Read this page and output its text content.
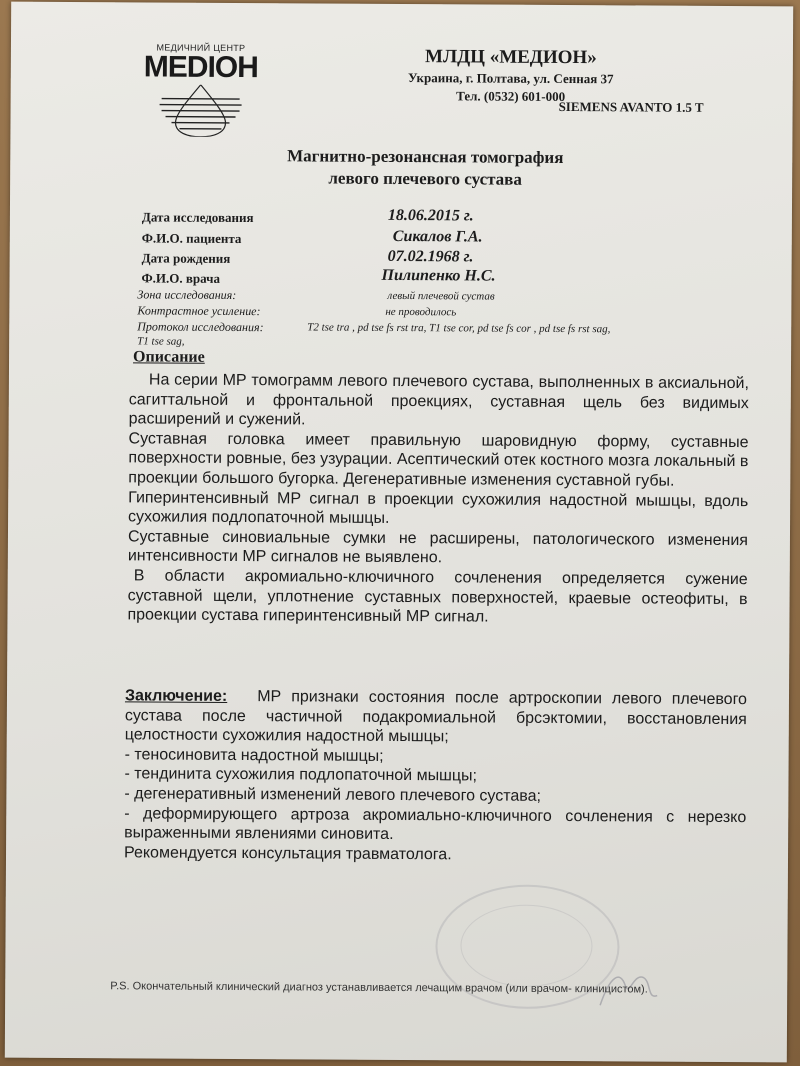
МЕДИЧНИЙ ЦЕНТР
MEDIOH	МЛДЦ «МЕДИОН»
Украина, г. Полтава, ул. Сенная 37
Тел. (0532) 601-000
SIEMENS AVANTO 1.5 T
Магнитно-резонансная томография
левого плечевого сустава
Дата исследования	18.06.2015 г.
Ф.И.О. пациента	Сикалов Г.А.
Дата рождения	07.02.1968 г.
Ф.И.О. врача	Пилипенко Н.С.
Зона исследования:	левый плечевой сустав
Контрастное усиление:	не проводилось
Протокол исследования:	T2 tse tra , pd tse fs rst tra, T1 tse cor, pd tse fs cor , pd tse fs rst sag,
T1 tse sag,
Описание

На серии МР томограмм левого плечевого сустава, выполненных в аксиальной, сагиттальной и фронтальной проекциях, суставная щель без видимых расширений и сужений.

Суставная головка имеет правильную шаровидную форму, суставные поверхности ровные, без узурации. Асептический отек костного мозга локальный в проекции большого бугорка. Дегенеративные изменения суставной губы.

Гиперинтенсивный МР сигнал в проекции сухожилия надостной мышцы, вдоль сухожилия подлопаточной мышцы.

Суставные синовиальные сумки не расширены, патологического изменения интенсивности МР сигналов не выявлено.

В области акромиально-ключичного сочленения определяется сужение суставной щели, уплотнение суставных поверхностей, краевые остеофиты, в проекции сустава гиперинтенсивный МР сигнал.

Заключение: МР признаки состояния после артроскопии левого плечевого сустава после частичной подакромиальной брсэктомии, восстановления целостности сухожилия надостной мышцы;

- теносиновита надостной мышцы;

- тендинита сухожилия подлопаточной мышцы;

- дегенеративный изменений левого плечевого сустава;

- деформирующего артроза акромиально-ключичного сочленения с нерезко выраженными явлениями синовита.

Рекомендуется консультация травматолога.

P.S. Окончательный клинический диагноз устанавливается лечащим врачом (или врачом- клиницистом).
